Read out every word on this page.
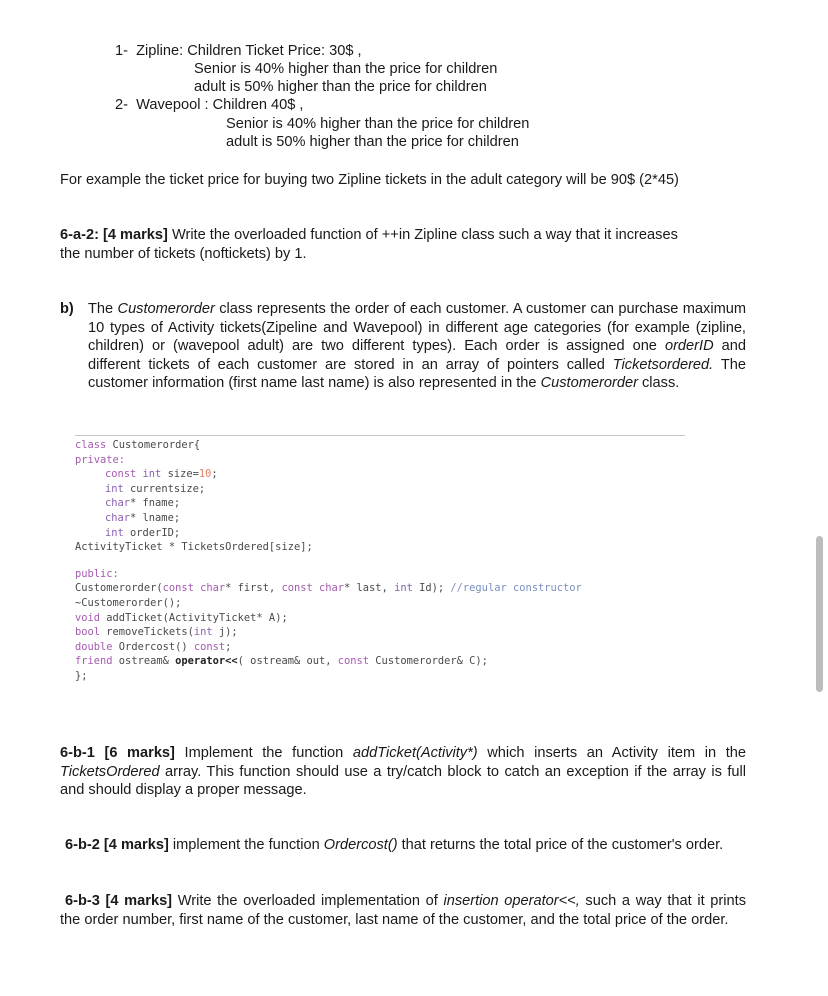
1- Zipline: Children Ticket Price: 30$ ,
Senior is 40% higher than the price for children
adult is 50% higher than the price for children
2- Wavepool : Children 40$ ,
Senior is 40% higher than the price for children
adult is 50% higher than the price for children
For example the ticket price for buying two Zipline tickets in the adult category will be 90$ (2*45)
6-a-2: [4 marks] Write the overloaded function of ++in Zipline class such a way that it increases the number of tickets (noftickets) by 1.
b) The Customerorder class represents the order of each customer. A customer can purchase maximum 10 types of Activity tickets(Zipeline and Wavepool) in different age categories (for example (zipline, children) or (wavepool adult) are two different types). Each order is assigned one orderID and different tickets of each customer are stored in an array of pointers called Ticketsordered. The customer information (first name last name) is also represented in the Customerorder class.
class Customerorder{
private:
const int size=10;
int currentsize;
char* fname;
char* lname;
int orderID;
ActivityTicket * TicketsOrdered[size];
public:
Customerorder(const char* first, const char* last, int Id); //regular constructor
~Customerorder();
void addTicket(ActivityTicket* A);
bool removeTickets(int j);
double Ordercost() const;
friend ostream& operator<<( ostream& out, const Customerorder& C);
};
6-b-1 [6 marks] Implement the function addTicket(Activity*) which inserts an Activity item in the TicketsOrdered array. This function should use a try/catch block to catch an exception if the array is full and should display a proper message.
6-b-2 [4 marks] implement the function Ordercost() that returns the total price of the customer's order.
6-b-3 [4 marks] Write the overloaded implementation of insertion operator<<, such a way that it prints the order number, first name of the customer, last name of the customer, and the total price of the order.
